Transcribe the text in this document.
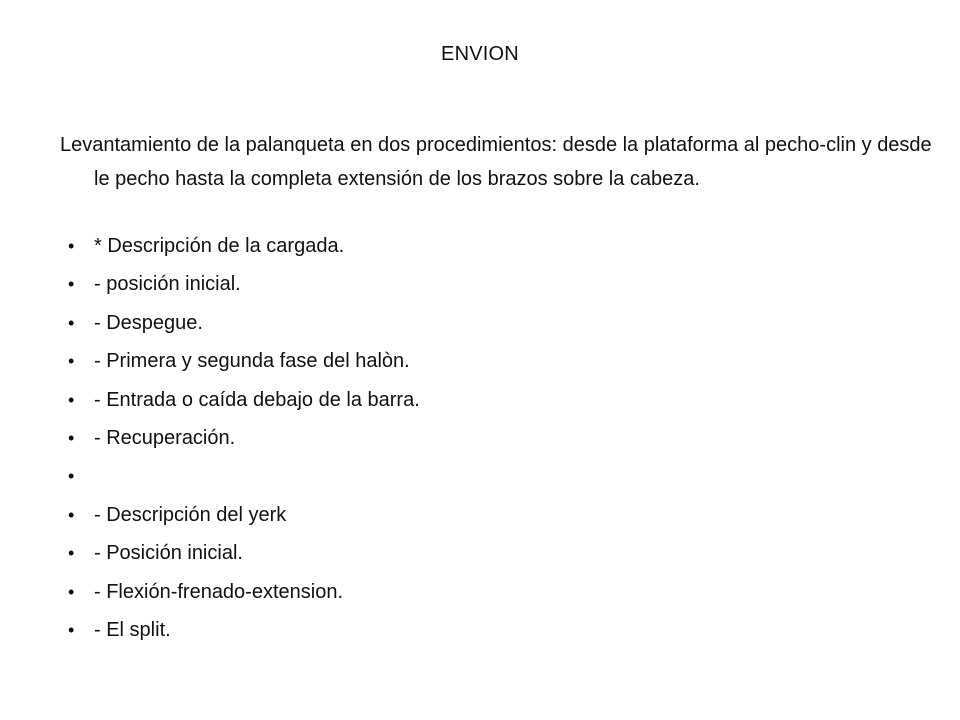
ENVION

Levantamiento de la palanqueta en dos procedimientos: desde la plataforma al pecho-clin y desde le pecho hasta la completa extensión de los brazos sobre la cabeza.

• * Descripción de la cargada.
• - posición inicial.
• - Despegue.
• - Primera y segunda fase del halòn.
• - Entrada o caída debajo de la barra.
• - Recuperación.
•
• - Descripción del yerk
• - Posición inicial.
• - Flexión-frenado-extension.
• - El split.
